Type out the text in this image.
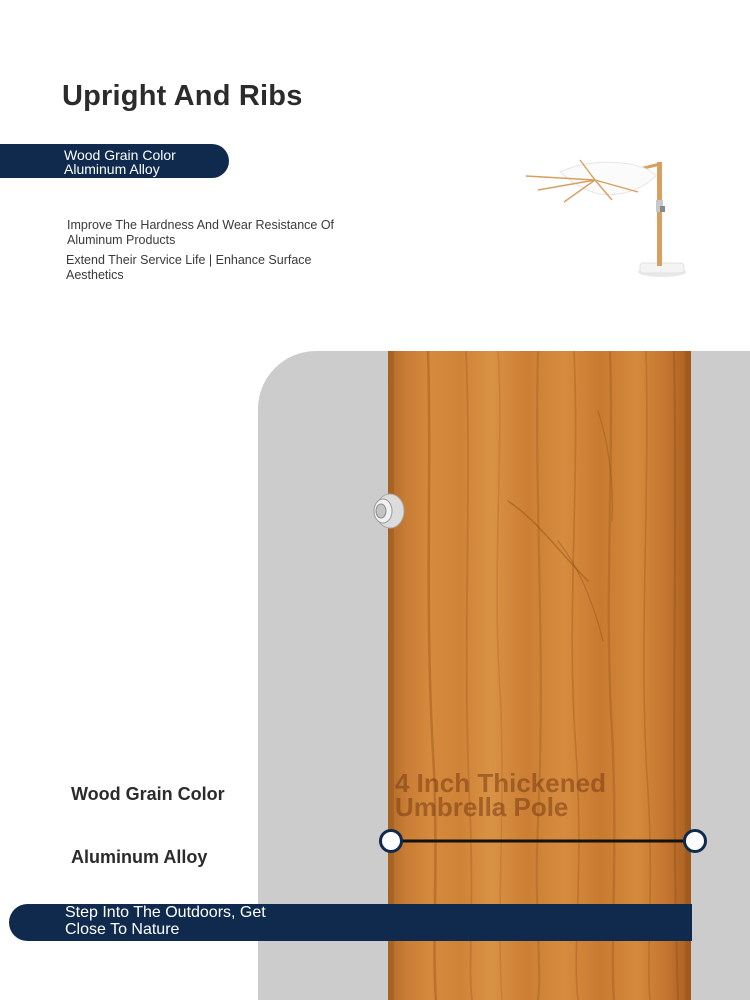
Upright And Ribs
Wood Grain Color
Aluminum Alloy
Improve The Hardness And Wear Resistance Of
Aluminum Products
Extend Their Service Life | Enhance Surface
Aesthetics
4 Inch Thickened
Umbrella Pole
Wood Grain Color
Aluminum Alloy
Step Into The Outdoors, Get
Close To Nature
